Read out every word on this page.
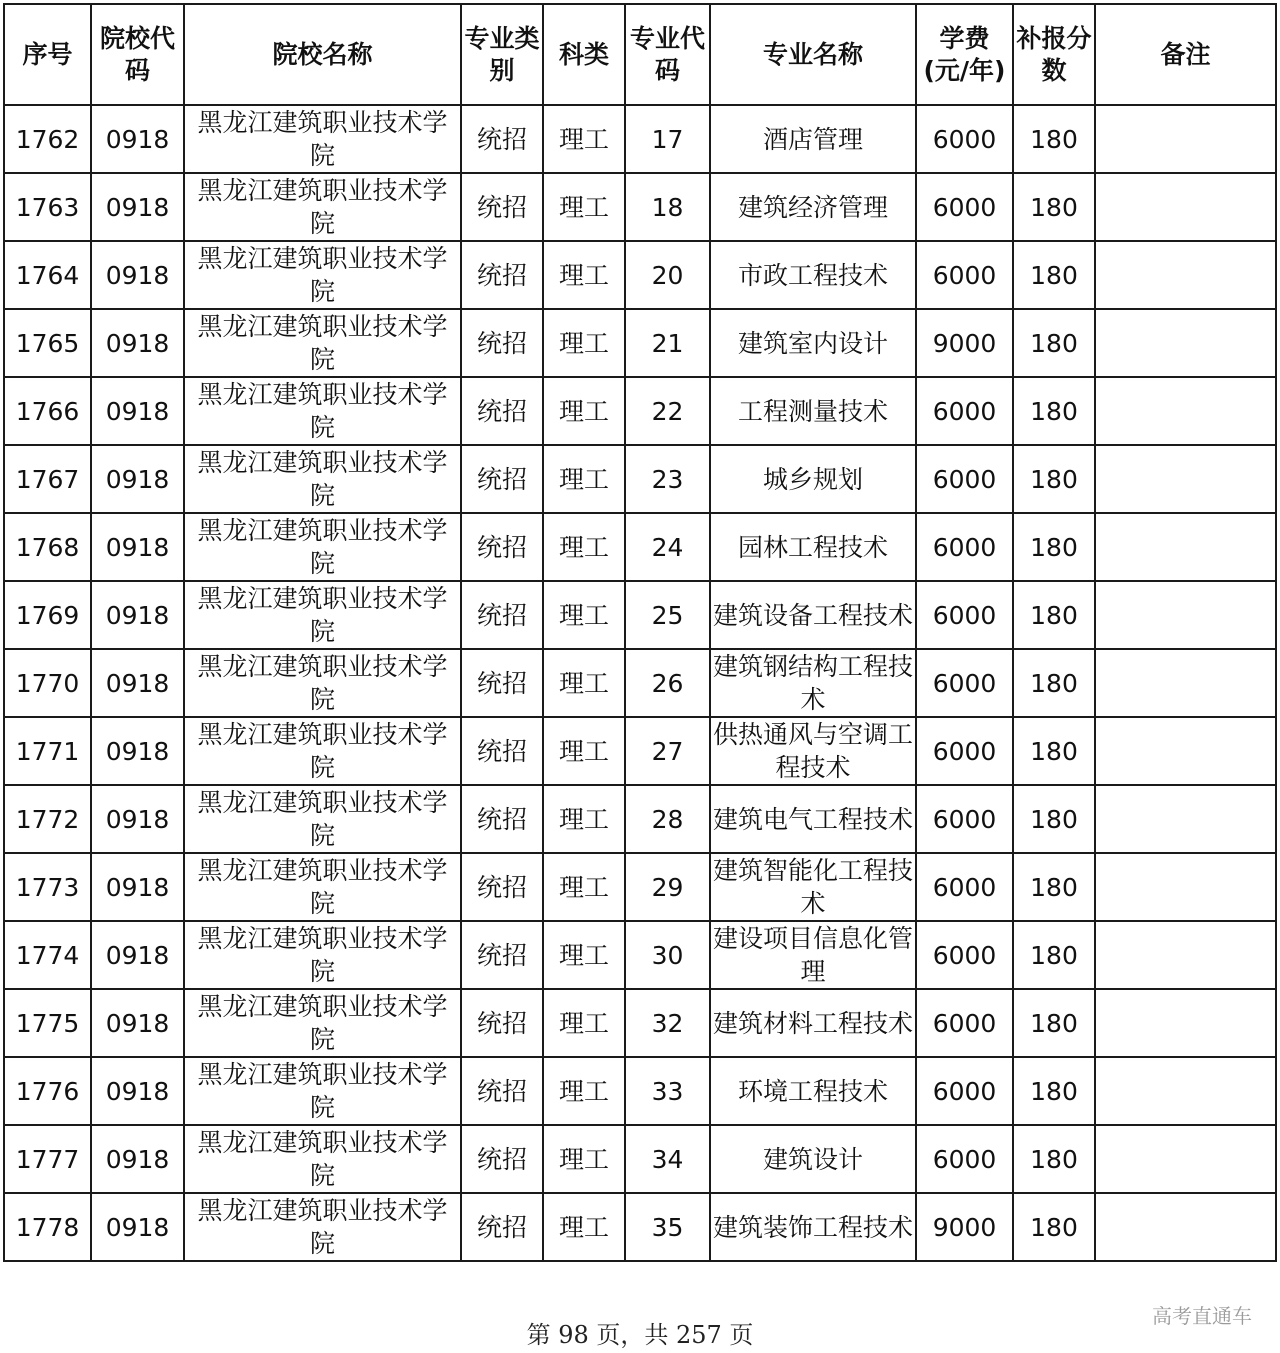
序号	院校代码	院校名称	专业类别	科类	专业代码	专业名称	学费(元/年)	补报分数	备注
1762	0918	黑龙江建筑职业技术学院	统招	理工	17	酒店管理	6000	180	
1763	0918	黑龙江建筑职业技术学院	统招	理工	18	建筑经济管理	6000	180	
1764	0918	黑龙江建筑职业技术学院	统招	理工	20	市政工程技术	6000	180	
1765	0918	黑龙江建筑职业技术学院	统招	理工	21	建筑室内设计	9000	180	
1766	0918	黑龙江建筑职业技术学院	统招	理工	22	工程测量技术	6000	180	
1767	0918	黑龙江建筑职业技术学院	统招	理工	23	城乡规划	6000	180	
1768	0918	黑龙江建筑职业技术学院	统招	理工	24	园林工程技术	6000	180	
1769	0918	黑龙江建筑职业技术学院	统招	理工	25	建筑设备工程技术	6000	180	
1770	0918	黑龙江建筑职业技术学院	统招	理工	26	建筑钢结构工程技术	6000	180	
1771	0918	黑龙江建筑职业技术学院	统招	理工	27	供热通风与空调工程技术	6000	180	
1772	0918	黑龙江建筑职业技术学院	统招	理工	28	建筑电气工程技术	6000	180	
1773	0918	黑龙江建筑职业技术学院	统招	理工	29	建筑智能化工程技术	6000	180	
1774	0918	黑龙江建筑职业技术学院	统招	理工	30	建设项目信息化管理	6000	180	
1775	0918	黑龙江建筑职业技术学院	统招	理工	32	建筑材料工程技术	6000	180	
1776	0918	黑龙江建筑职业技术学院	统招	理工	33	环境工程技术	6000	180	
1777	0918	黑龙江建筑职业技术学院	统招	理工	34	建筑设计	6000	180	
1778	0918	黑龙江建筑职业技术学院	统招	理工	35	建筑装饰工程技术	9000	180	
第 98 页，共 257 页
高考直通车
